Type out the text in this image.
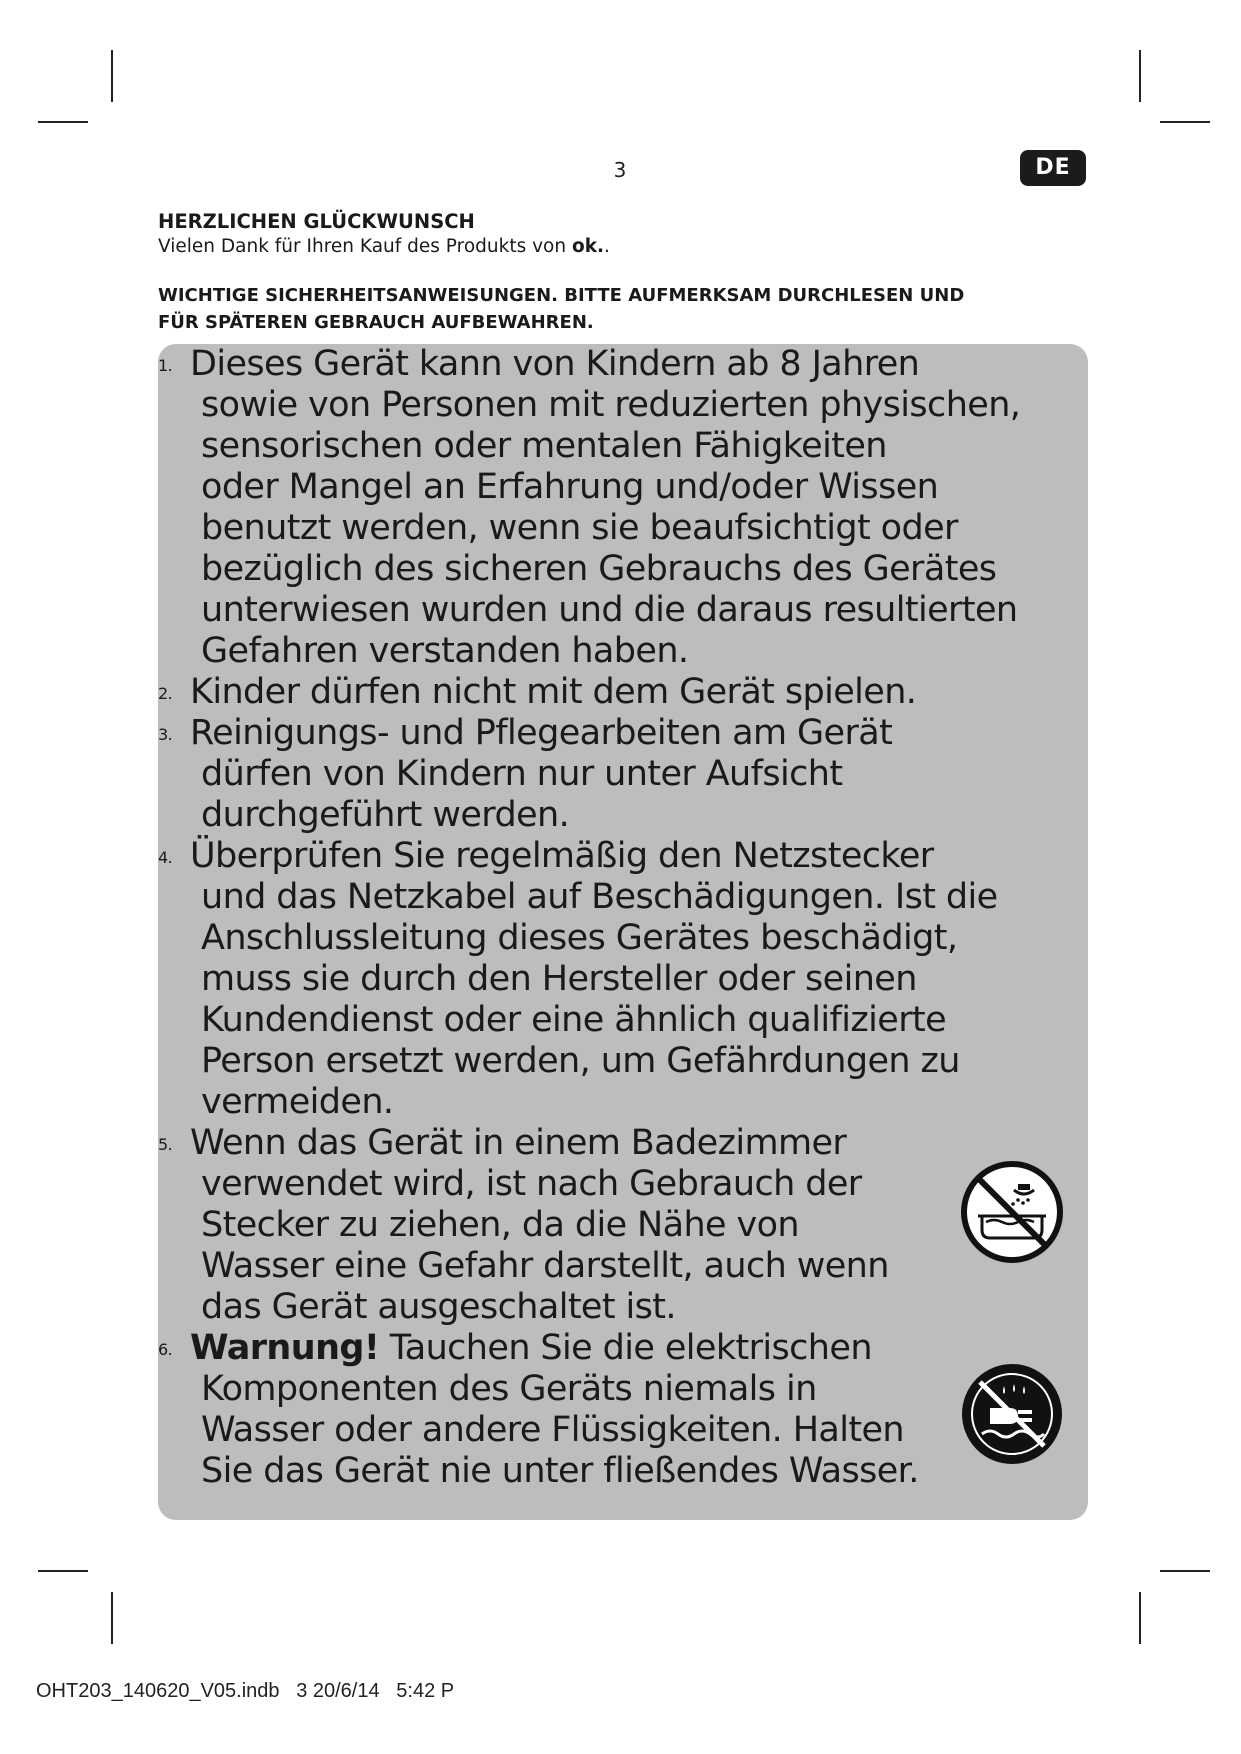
3	DE
HERZLICHEN GLÜCKWUNSCH
Vielen Dank für Ihren Kauf des Produkts von ok..
WICHTIGE SICHERHEITSANWEISUNGEN. BITTE AUFMERKSAM DURCHLESEN UND
FÜR SPÄTEREN GEBRAUCH AUFBEWAHREN.
1. Dieses Gerät kann von Kindern ab 8 Jahren
sowie von Personen mit reduzierten physischen,
sensorischen oder mentalen Fähigkeiten
oder Mangel an Erfahrung und/oder Wissen
benutzt werden, wenn sie beaufsichtigt oder
bezüglich des sicheren Gebrauchs des Gerätes
unterwiesen wurden und die daraus resultierten
Gefahren verstanden haben.
2. Kinder dürfen nicht mit dem Gerät spielen.
3. Reinigungs- und Pflegearbeiten am Gerät
dürfen von Kindern nur unter Aufsicht
durchgeführt werden.
4. Überprüfen Sie regelmäßig den Netzstecker
und das Netzkabel auf Beschädigungen. Ist die
Anschlussleitung dieses Gerätes beschädigt,
muss sie durch den Hersteller oder seinen
Kundendienst oder eine ähnlich qualifizierte
Person ersetzt werden, um Gefährdungen zu
vermeiden.
5. Wenn das Gerät in einem Badezimmer
verwendet wird, ist nach Gebrauch der
Stecker zu ziehen, da die Nähe von
Wasser eine Gefahr darstellt, auch wenn
das Gerät ausgeschaltet ist.
6. Warnung! Tauchen Sie die elektrischen
Komponenten des Geräts niemals in
Wasser oder andere Flüssigkeiten. Halten
Sie das Gerät nie unter fließendes Wasser.
OHT203_140620_V05.indb   3 20/6/14   5:42 P
